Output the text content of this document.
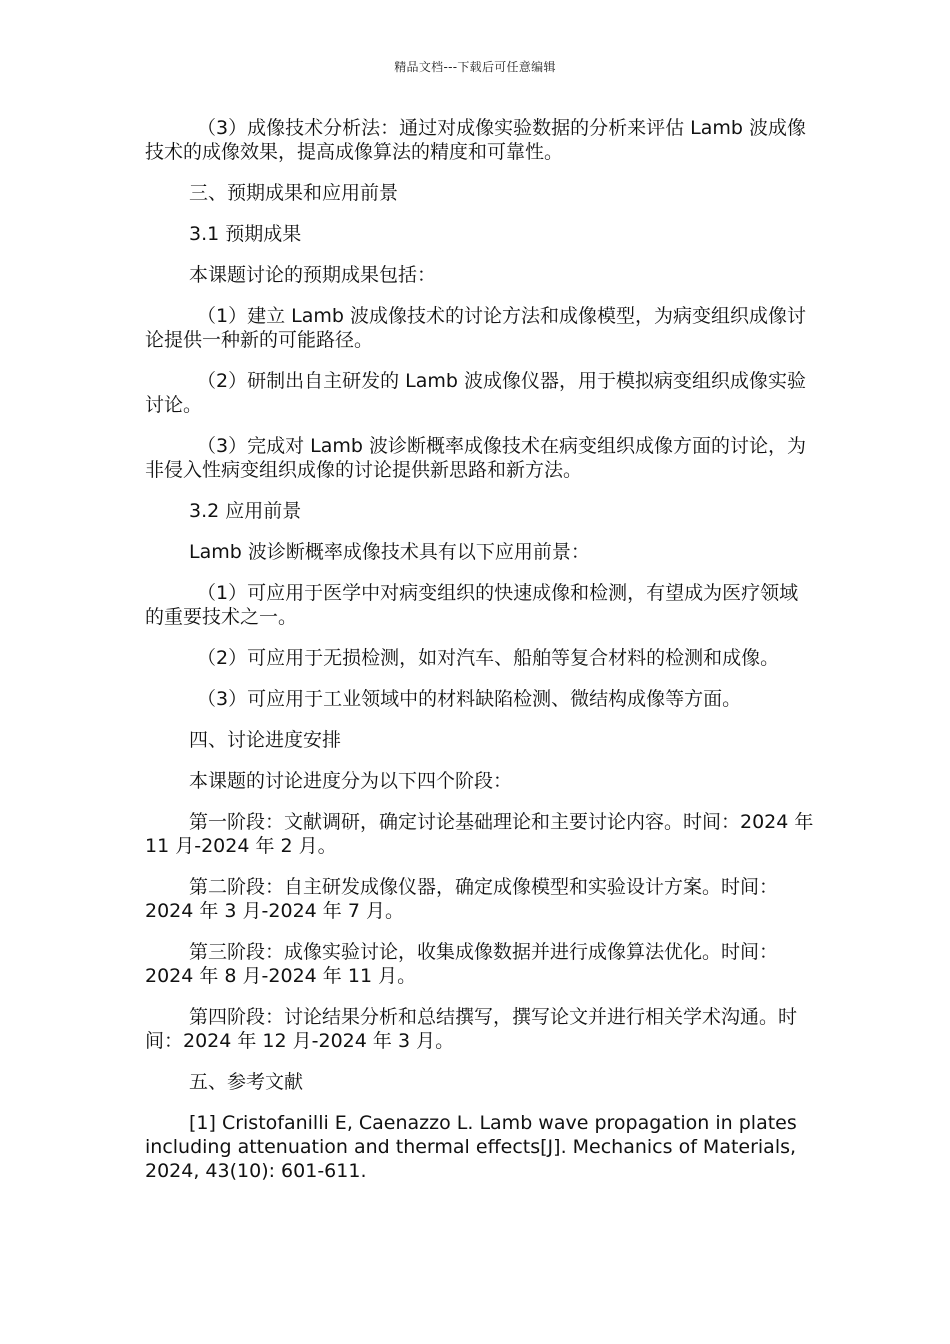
精品文档---下载后可任意编辑

（3）成像技术分析法：通过对成像实验数据的分析来评估 Lamb 波成像技术的成像效果，提高成像算法的精度和可靠性。

三、预期成果和应用前景

3.1 预期成果

本课题讨论的预期成果包括：

（1）建立 Lamb 波成像技术的讨论方法和成像模型，为病变组织成像讨论提供一种新的可能路径。

（2）研制出自主研发的 Lamb 波成像仪器，用于模拟病变组织成像实验讨论。

（3）完成对 Lamb 波诊断概率成像技术在病变组织成像方面的讨论，为非侵入性病变组织成像的讨论提供新思路和新方法。

3.2 应用前景

Lamb 波诊断概率成像技术具有以下应用前景：

（1）可应用于医学中对病变组织的快速成像和检测，有望成为医疗领域的重要技术之一。

（2）可应用于无损检测，如对汽车、船舶等复合材料的检测和成像。

（3）可应用于工业领域中的材料缺陷检测、微结构成像等方面。

四、讨论进度安排

本课题的讨论进度分为以下四个阶段：

第一阶段：文献调研，确定讨论基础理论和主要讨论内容。时间：2024 年 11 月-2024 年 2 月。

第二阶段：自主研发成像仪器，确定成像模型和实验设计方案。时间：2024 年 3 月-2024 年 7 月。

第三阶段：成像实验讨论，收集成像数据并进行成像算法优化。时间：2024 年 8 月-2024 年 11 月。

第四阶段：讨论结果分析和总结撰写，撰写论文并进行相关学术沟通。时间：2024 年 12 月-2024 年 3 月。

五、参考文献

[1] Cristofanilli E, Caenazzo L. Lamb wave propagation in plates including attenuation and thermal effects[J]. Mechanics of Materials, 2024, 43(10): 601-611.
